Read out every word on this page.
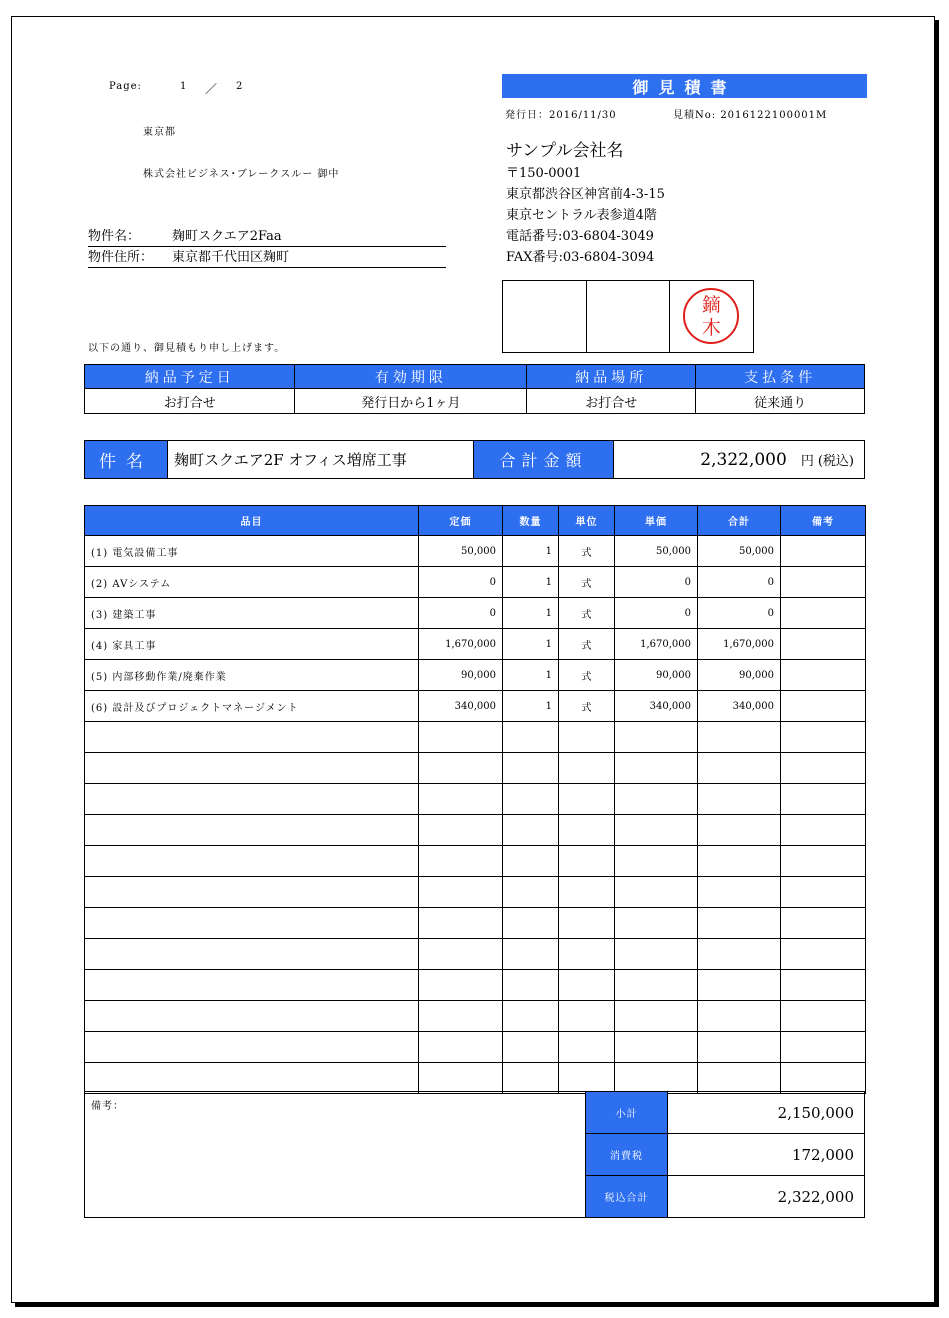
Page:	1 ／ 2
東京都
株式会社ビジネス･ブレークスルー 御中
物件名： 麹町スクエア2Faa
物件住所： 東京都千代田区麹町
御見積書
発行日：2016/11/30	見積No: 2016122100001M
サンプル会社名
〒150-0001
東京都渋谷区神宮前4-3-15
東京セントラル表参道4階
電話番号:03-6804-3049
FAX番号:03-6804-3094
鏑
木
以下の通り、御見積もり申し上げます。
納品予定日	有効期限	納品場所	支払条件
お打合せ	発行日から1ヶ月	お打合せ	従来通り
件名	麹町スクエア2F オフィス増席工事	合計金額	2,322,000 円 (税込)
品目	定価	数量	単位	単価	合計	備考
(1) 電気設備工事	50,000	1	式	50,000	50,000	
(2) AVシステム	0	1	式	0	0	
(3) 建築工事	0	1	式	0	0	
(4) 家具工事	1,670,000	1	式	1,670,000	1,670,000	
(5) 内部移動作業/廃棄作業	90,000	1	式	90,000	90,000	
(6) 設計及びプロジェクトマネージメント	340,000	1	式	340,000	340,000	

備考：
小計	2,150,000
消費税	172,000
税込合計	2,322,000
